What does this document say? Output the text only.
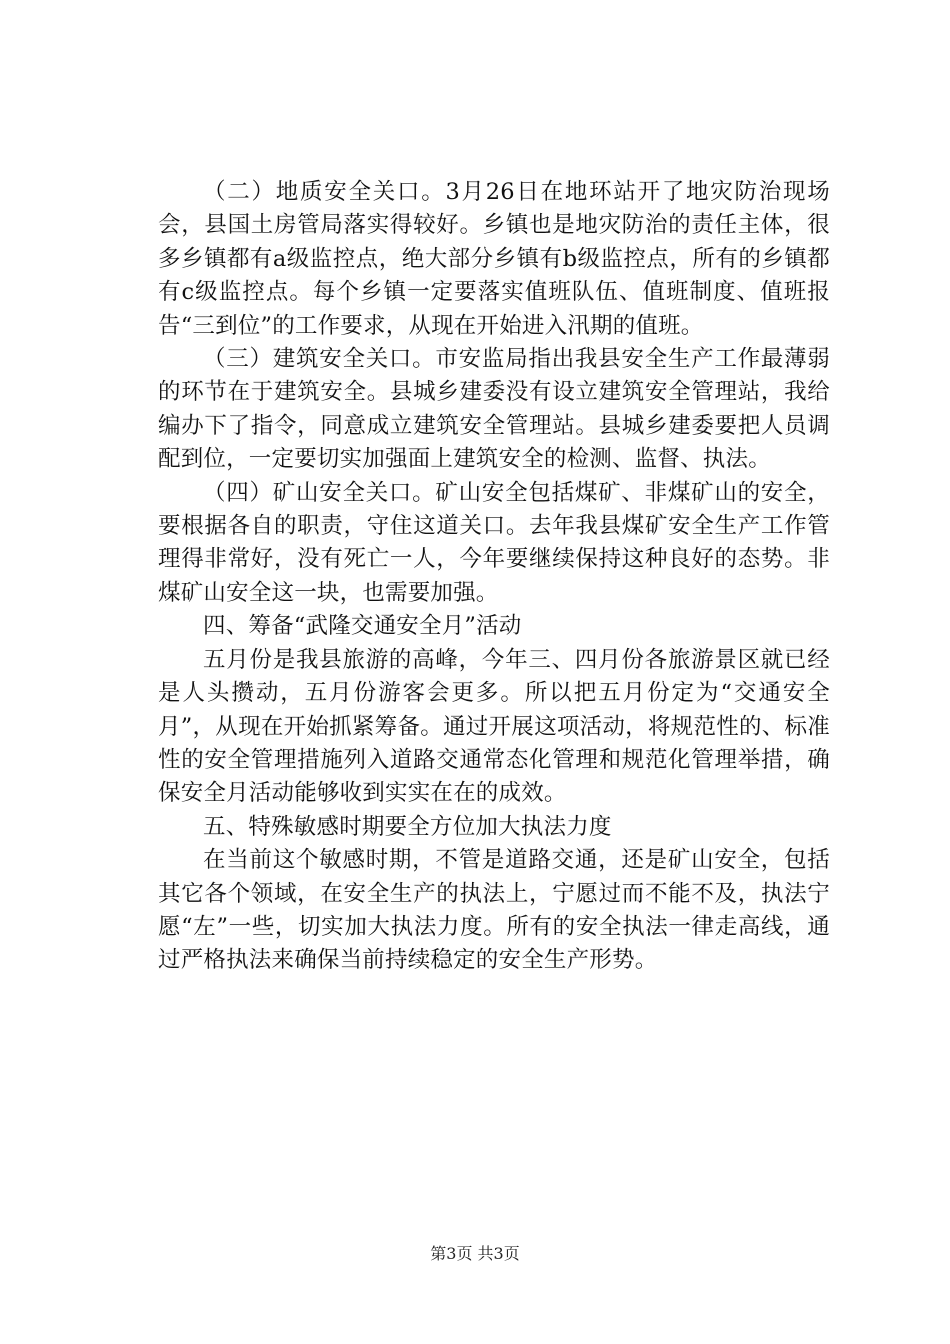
（二）地质安全关口。3月26日在地环站开了地灾防治现场会，县国土房管局落实得较好。乡镇也是地灾防治的责任主体，很多乡镇都有a级监控点，绝大部分乡镇有b级监控点，所有的乡镇都有c级监控点。每个乡镇一定要落实值班队伍、值班制度、值班报告“三到位”的工作要求，从现在开始进入汛期的值班。

（三）建筑安全关口。市安监局指出我县安全生产工作最薄弱的环节在于建筑安全。县城乡建委没有设立建筑安全管理站，我给编办下了指令，同意成立建筑安全管理站。县城乡建委要把人员调配到位，一定要切实加强面上建筑安全的检测、监督、执法。

（四）矿山安全关口。矿山安全包括煤矿、非煤矿山的安全，要根据各自的职责，守住这道关口。去年我县煤矿安全生产工作管理得非常好，没有死亡一人，今年要继续保持这种良好的态势。非煤矿山安全这一块，也需要加强。

四、筹备“武隆交通安全月”活动

五月份是我县旅游的高峰，今年三、四月份各旅游景区就已经是人头攒动，五月份游客会更多。所以把五月份定为“交通安全月”，从现在开始抓紧筹备。通过开展这项活动，将规范性的、标准性的安全管理措施列入道路交通常态化管理和规范化管理举措，确保安全月活动能够收到实实在在的成效。

五、特殊敏感时期要全方位加大执法力度

在当前这个敏感时期，不管是道路交通，还是矿山安全，包括其它各个领域，在安全生产的执法上，宁愿过而不能不及，执法宁愿“左”一些，切实加大执法力度。所有的安全执法一律走高线，通过严格执法来确保当前持续稳定的安全生产形势。

第3页 共3页
